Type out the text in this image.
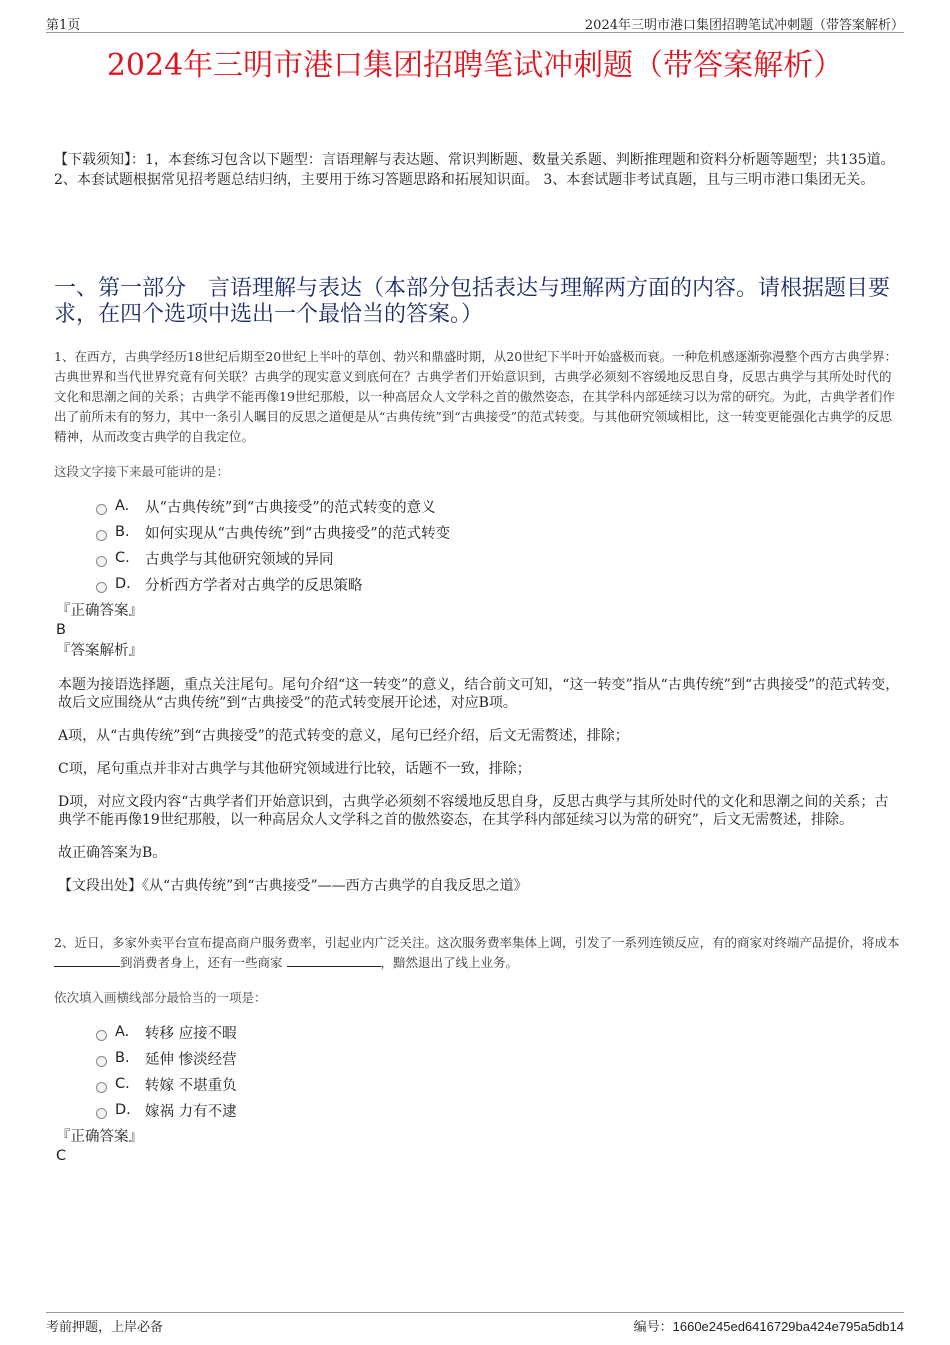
第1页	2024年三明市港口集团招聘笔试冲刺题（带答案解析）
2024年三明市港口集团招聘笔试冲刺题（带答案解析）
【下载须知】：1，本套练习包含以下题型：言语理解与表达题、常识判断题、数量关系题、判断推理题和资料分析题等题型；共135道。 2、本套试题根据常见招考题总结归纳，主要用于练习答题思路和拓展知识面。 3、本套试题非考试真题，且与三明市港口集团无关。
一、第一部分　言语理解与表达（本部分包括表达与理解两方面的内容。请根据题目要求，在四个选项中选出一个最恰当的答案。）
1、在西方，古典学经历18世纪后期至20世纪上半叶的草创、勃兴和鼎盛时期，从20世纪下半叶开始盛极而衰。一种危机感逐渐弥漫整个西方古典学界：古典世界和当代世界究竟有何关联？古典学的现实意义到底何在？古典学者们开始意识到，古典学必须刻不容缓地反思自身，反思古典学与其所处时代的文化和思潮之间的关系；古典学不能再像19世纪那般，以一种高居众人文学科之首的傲然姿态，在其学科内部延续习以为常的研究。为此，古典学者们作出了前所未有的努力，其中一条引人瞩目的反思之道便是从“古典传统”到“古典接受”的范式转变。与其他研究领域相比，这一转变更能强化古典学的反思精神，从而改变古典学的自我定位。
这段文字接下来最可能讲的是：
A.	从“古典传统”到“古典接受”的范式转变的意义
B.	如何实现从“古典传统”到“古典接受”的范式转变
C.	古典学与其他研究领域的异同
D. 分析西方学者对古典学的反思策略
『正确答案』
B
『答案解析』

本题为接语选择题，重点关注尾句。尾句介绍“这一转变”的意义，结合前文可知，“这一转变”指从“古典传统”到“古典接受”的范式转变，故后文应围绕从“古典传统”到“古典接受”的范式转变展开论述，对应B项。

A项，从“古典传统”到“古典接受”的范式转变的意义，尾句已经介绍，后文无需赘述，排除；

C项，尾句重点并非对古典学与其他研究领域进行比较，话题不一致，排除；

D项，对应文段内容“古典学者们开始意识到，古典学必须刻不容缓地反思自身，反思古典学与其所处时代的文化和思潮之间的关系；古典学不能再像19世纪那般，以一种高居众人文学科之首的傲然姿态，在其学科内部延续习以为常的研究”，后文无需赘述，排除。

故正确答案为B。

【文段出处】《从“古典传统”到“古典接受”——西方古典学的自我反思之道》

2、近日，多家外卖平台宣布提高商户服务费率，引起业内广泛关注。这次服务费率集体上调，引发了一系列连锁反应，有的商家对终端产品提价，将成本 到消费者身上，还有一些商家	，黯然退出了线上业务。
依次填入画横线部分最恰当的一项是：
A.	转移 应接不暇
B.	延伸 惨淡经营
C.	转嫁 不堪重负
D. 嫁祸 力有不逮
『正确答案』
C
考前押题，上岸必备	编号：1660e245ed6416729ba424e795a5db14
